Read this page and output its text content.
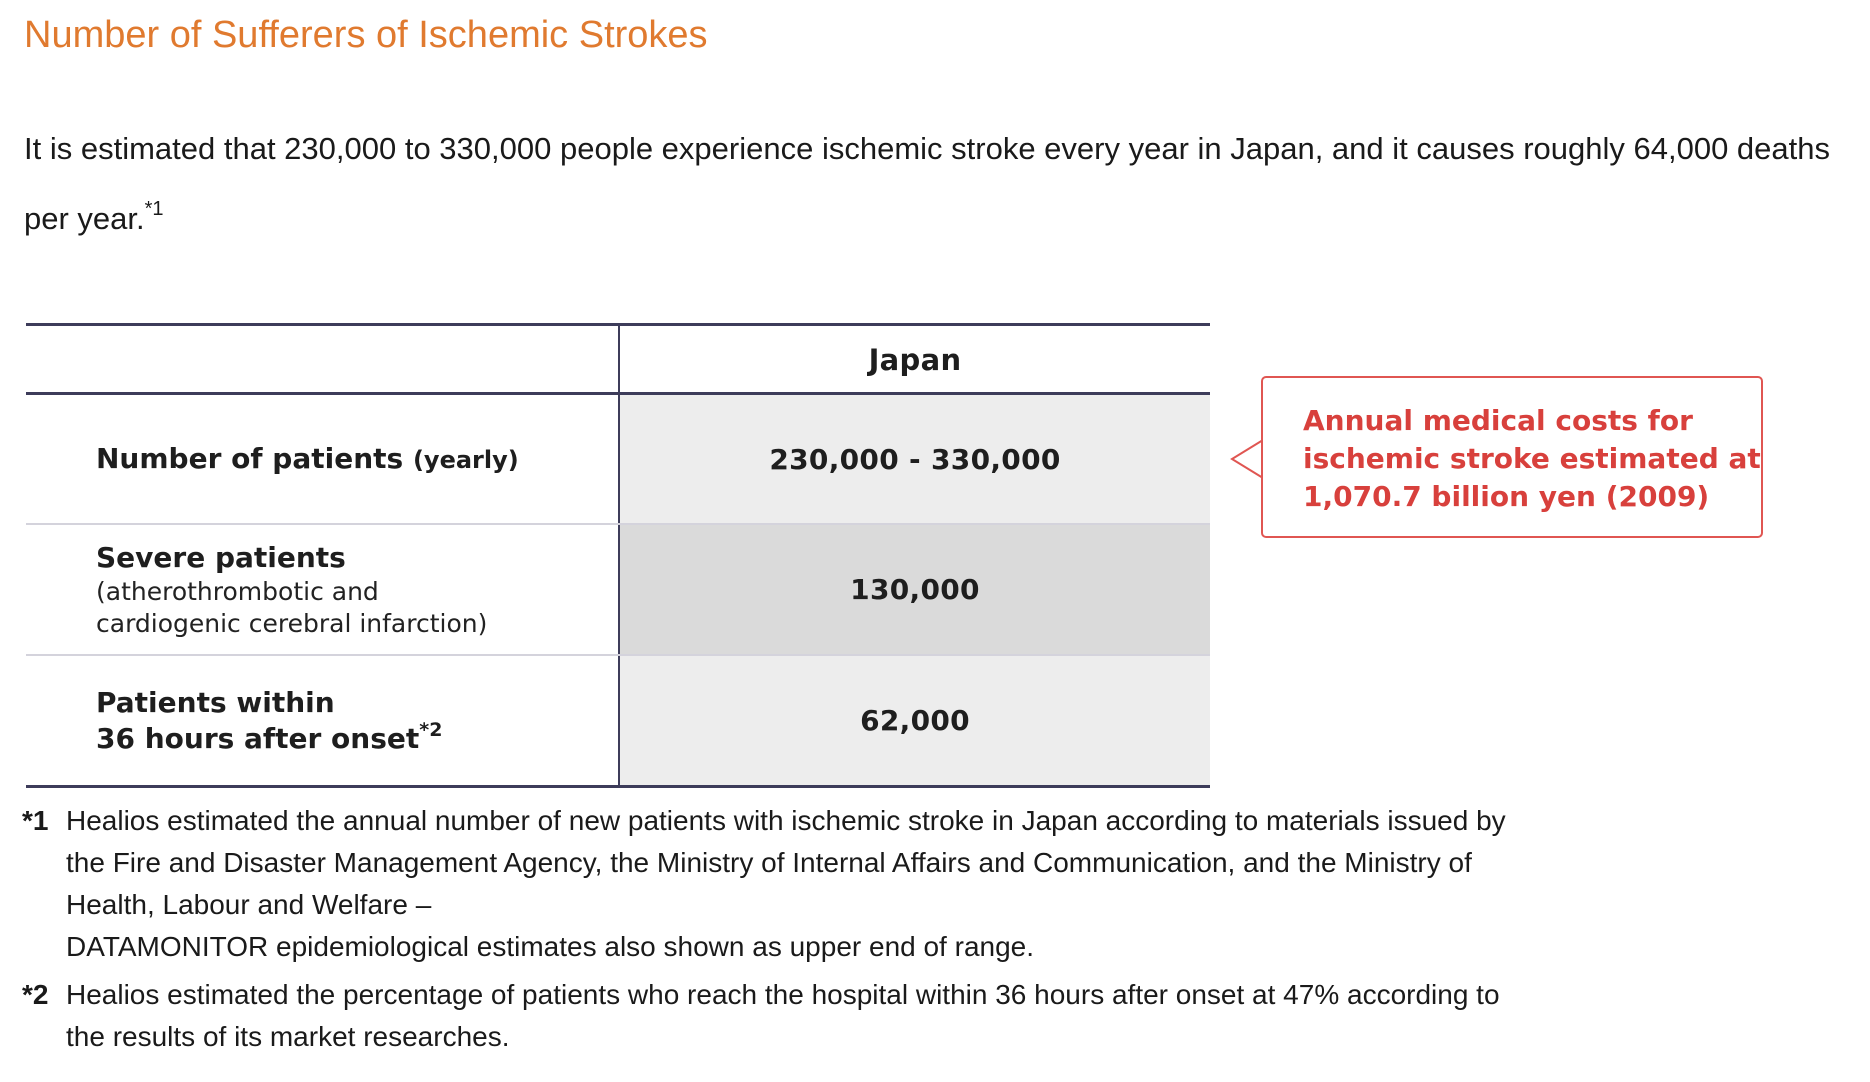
Number of Sufferers of Ischemic Strokes
It is estimated that 230,000 to 330,000 people experience ischemic stroke every year in Japan, and it causes roughly 64,000 deaths per year.$^{*1}$
Japan
Number of patients (yearly)	230,000 - 330,000
Severe patients
(atherothrombotic and
cardiogenic cerebral infarction)
130,000
Patients within
36 hours after onset$^{*2}$	62,000
Annual medical costs for
ischemic stroke estimated at
1,070.7 billion yen (2009)
*1 Healios estimated the annual number of new patients with ischemic stroke in Japan according to materials issued by
the Fire and Disaster Management Agency, the Ministry of Internal Affairs and Communication, and the Ministry of
Health, Labour and Welfare –
DATAMONITOR epidemiological estimates also shown as upper end of range.
*2 Healios estimated the percentage of patients who reach the hospital within 36 hours after onset at 47% according to
the results of its market researches.
